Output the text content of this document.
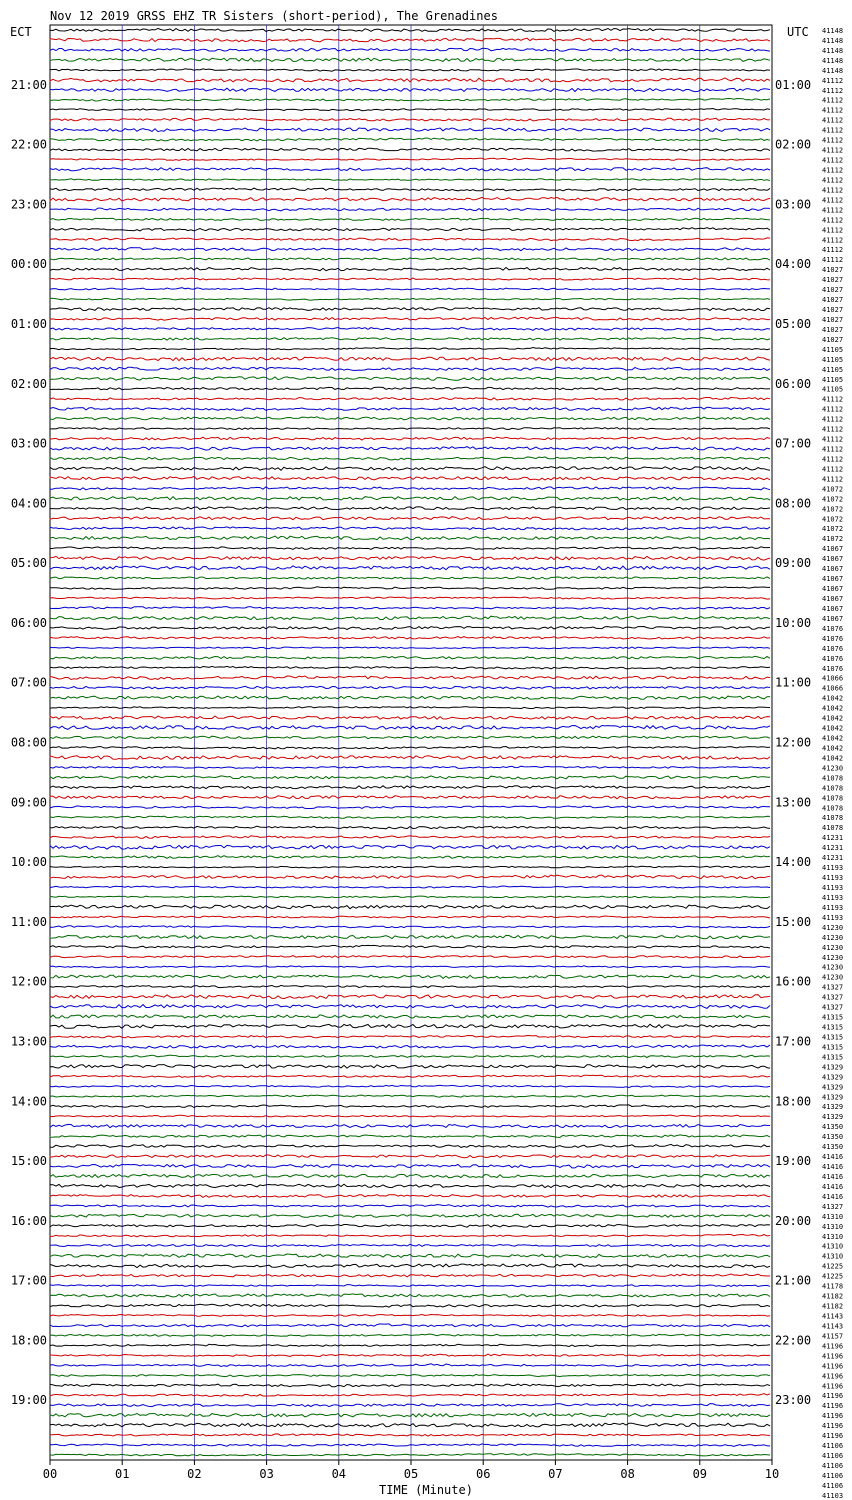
00	01	02	03	04	05	06	07	08	09	10
21:00
22:00
23:00
00:00
01:00
02:00
03:00
04:00
05:00
06:00
07:00
08:00
09:00
10:00
11:00
12:00
13:00
14:00
15:00
16:00
17:00
18:00
19:00
01:00
02:00
03:00
04:00
05:00
06:00
07:00
08:00
09:00
10:00
11:00
12:00
13:00
14:00
15:00
16:00
17:00
18:00
19:00
20:00
21:00
22:00
23:00
41148
41148
41148
41148
41148
41112
41112
41112
41112
41112
41112
41112
41112
41112
41112
41112
41112
41112
41112
41112
41112
41112
41112
41112
41027
41027
41027
41027
41027
41027
41027
41027
41105
41105
41105
41105
41105
41112
41112
41112
41112
41112
41112
41112
41112
41112
41072
41072
41072
41072
41072
41072
41067
41067
41067
41067
41067
41067
41067
41067
41076
41076
41076
41076
41076
41066
41066
41042
41042
41042
41042
41042
41042
41042
41230
41078
41078
41078
41078
41078
41078
41231
41231
41231
41193
41193
41193
41193
41193
41193
41230
41230
41230
41230
41230
41230
41327
41327
41327
41315
41315
41315
41315
41315
41329
41329
41329
41329
41329
41329
41350
41350
41350
41416
41416
41416
41416
41416
41327
41310
41310
41310
41310
41310
41225
41225
41178
41182
41182
41143
41143
41157
41196
41196
41196
41196
41196
41196
41196
41196
41196
41196
41106
41106
41106
41106
41106
41103
Nov 12 2019 GRSS EHZ TR Sisters (short-period), The Grenadines
ECT	UTC
TIME (Minute)
